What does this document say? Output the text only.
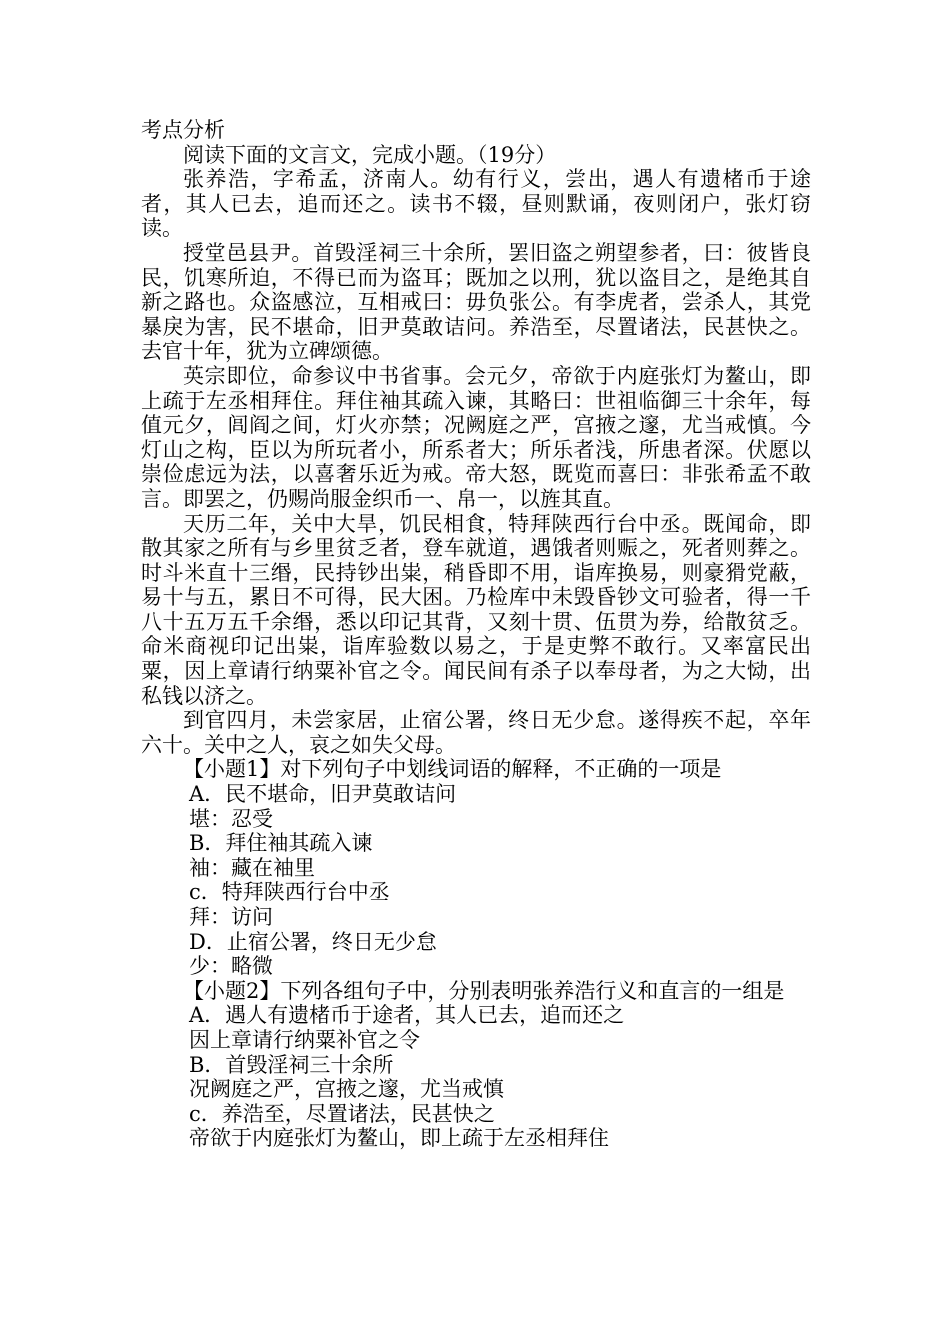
考点分析

阅读下面的文言文，完成小题。（19分）

张养浩，字希孟，济南人。幼有行义，尝出，遇人有遗楮币于途者，其人已去，追而还之。读书不辍，昼则默诵，夜则闭户，张灯窃读。

授堂邑县尹。首毁淫祠三十余所，罢旧盗之朔望参者，曰：彼皆良民，饥寒所迫，不得已而为盗耳；既加之以刑，犹以盗目之，是绝其自新之路也。众盗感泣，互相戒曰：毋负张公。有李虎者，尝杀人，其党暴戾为害，民不堪命，旧尹莫敢诘问。养浩至，尽置诸法，民甚快之。去官十年，犹为立碑颂德。

英宗即位，命参议中书省事。会元夕，帝欲于内庭张灯为鳌山，即上疏于左丞相拜住。拜住袖其疏入谏，其略曰：世祖临御三十余年，每值元夕，闾阎之间，灯火亦禁；况阙庭之严，宫掖之邃，尤当戒慎。今灯山之构，臣以为所玩者小，所系者大；所乐者浅，所患者深。伏愿以崇俭虑远为法，以喜奢乐近为戒。帝大怒，既览而喜曰：非张希孟不敢言。即罢之，仍赐尚服金织币一、帛一，以旌其直。

天历二年，关中大旱，饥民相食，特拜陕西行台中丞。既闻命，即散其家之所有与乡里贫乏者，登车就道，遇饿者则赈之，死者则葬之。时斗米直十三缗，民持钞出粜，稍昏即不用，诣库换易，则豪猾党蔽，易十与五，累日不可得，民大困。乃检库中未毁昏钞文可验者，得一千八十五万五千余缗，悉以印记其背，又刻十贯、伍贯为券，给散贫乏。命米商视印记出粜，诣库验数以易之，于是吏弊不敢行。又率富民出粟，因上章请行纳粟补官之令。闻民间有杀子以奉母者，为之大恸，出私钱以济之。

到官四月，未尝家居，止宿公署，终日无少怠。遂得疾不起，卒年六十。关中之人，哀之如失父母。

【小题1】对下列句子中划线词语的解释，不正确的一项是

A．民不堪命，旧尹莫敢诘问

堪：忍受

B．拜住袖其疏入谏

袖：藏在袖里

c．特拜陕西行台中丞

拜：访问

D．止宿公署，终日无少怠

少：略微

【小题2】下列各组句子中，分别表明张养浩行义和直言的一组是

A．遇人有遗楮币于途者，其人已去，追而还之

因上章请行纳粟补官之令

B．首毁淫祠三十余所

况阙庭之严，宫掖之邃，尤当戒慎

c．养浩至，尽置诸法，民甚快之

帝欲于内庭张灯为鳌山，即上疏于左丞相拜住
